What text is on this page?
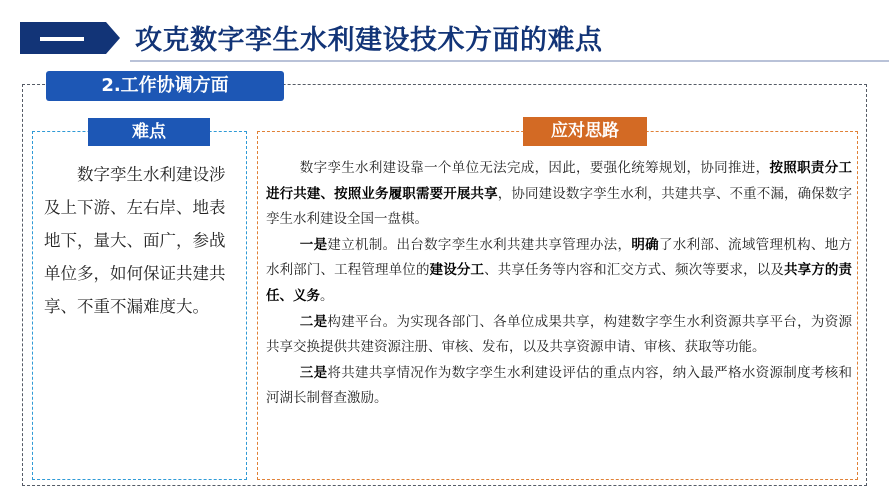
攻克数字孪生水利建设技术方面的难点
2.工作协调方面
难点
数字孪生水利建设涉及上下游、左右岸、地表地下，量大、面广，参战单位多，如何保证共建共享、不重不漏难度大。
应对思路

数字孪生水利建设靠一个单位无法完成，因此，要强化统筹规划，协同推进，按照职责分工进行共建、按照业务履职需要开展共享，协同建设数字孪生水利，共建共享、不重不漏，确保数字孪生水利建设全国一盘棋。

一是建立机制。出台数字孪生水利共建共享管理办法，明确了水利部、流域管理机构、地方水利部门、工程管理单位的建设分工、共享任务等内容和汇交方式、频次等要求，以及共享方的责任、义务。

二是构建平台。为实现各部门、各单位成果共享，构建数字孪生水利资源共享平台，为资源共享交换提供共建资源注册、审核、发布，以及共享资源申请、审核、获取等功能。

三是将共建共享情况作为数字孪生水利建设评估的重点内容，纳入最严格水资源制度考核和河湖长制督查激励。
